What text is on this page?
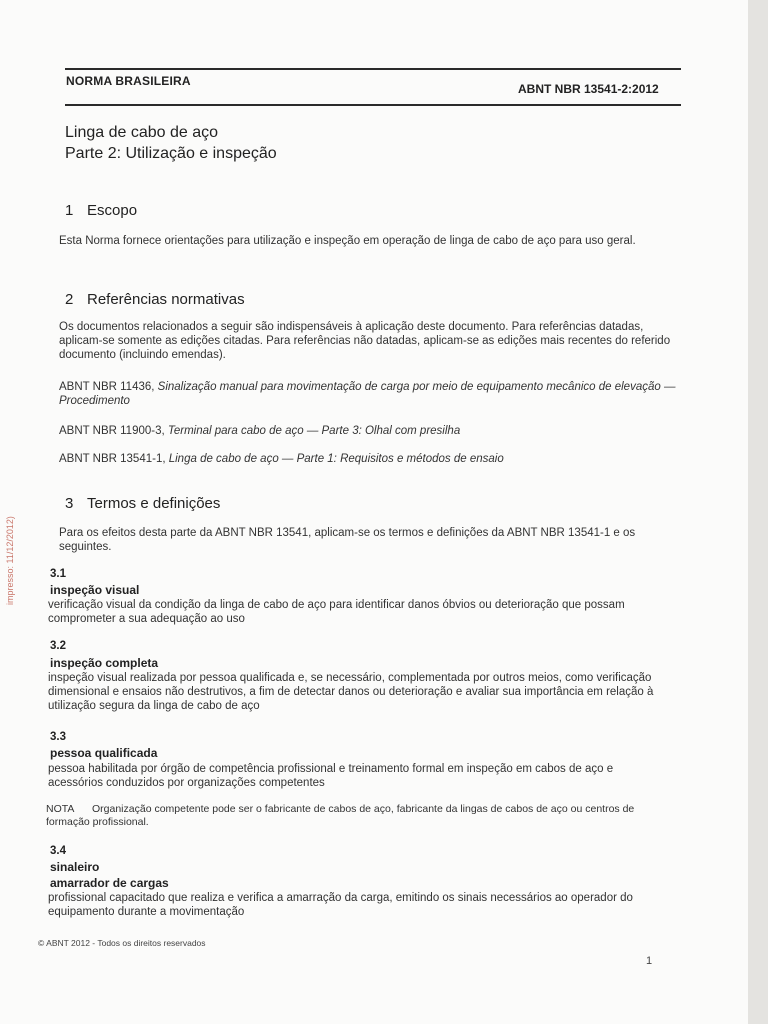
impresso: 11/12/2012)
NORMA BRASILEIRA
ABNT NBR 13541-2:2012
Linga de cabo de aço
Parte 2: Utilização e inspeção
1 Escopo
Esta Norma fornece orientações para utilização e inspeção em operação de linga de cabo de aço para uso geral.
2 Referências normativas
Os documentos relacionados a seguir são indispensáveis à aplicação deste documento. Para referências datadas, aplicam-se somente as edições citadas. Para referências não datadas, aplicam-se as edições mais recentes do referido documento (incluindo emendas).
ABNT NBR 11436, Sinalização manual para movimentação de carga por meio de equipamento mecânico de elevação — Procedimento
ABNT NBR 11900-3, Terminal para cabo de aço — Parte 3: Olhal com presilha
ABNT NBR 13541-1, Linga de cabo de aço — Parte 1: Requisitos e métodos de ensaio
3 Termos e definições
Para os efeitos desta parte da ABNT NBR 13541, aplicam-se os termos e definições da ABNT NBR 13541-1 e os seguintes.
3.1
inspeção visual
verificação visual da condição da linga de cabo de aço para identificar danos óbvios ou deterioração que possam comprometer a sua adequação ao uso
3.2
inspeção completa
inspeção visual realizada por pessoa qualificada e, se necessário, complementada por outros meios, como verificação dimensional e ensaios não destrutivos, a fim de detectar danos ou deterioração e avaliar sua importância em relação à utilização segura da linga de cabo de aço
3.3
pessoa qualificada
pessoa habilitada por órgão de competência profissional e treinamento formal em inspeção em cabos de aço e acessórios conduzidos por organizações competentes
NOTA Organização competente pode ser o fabricante de cabos de aço, fabricante da lingas de cabos de aço ou centros de formação profissional.
3.4
sinaleiro
amarrador de cargas
profissional capacitado que realiza e verifica a amarração da carga, emitindo os sinais necessários ao operador do equipamento durante a movimentação
© ABNT 2012 - Todos os direitos reservados
1
